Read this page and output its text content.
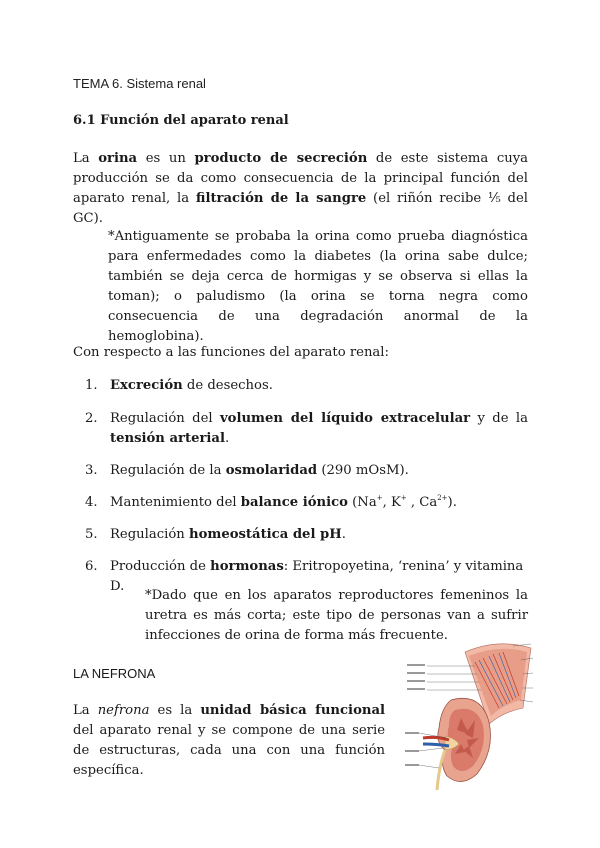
TEMA 6. Sistema renal
6.1 Función del aparato renal
La orina es un producto de secreción de este sistema cuya producción se da como consecuencia de la principal función del aparato renal, la filtración de la sangre (el riñón recibe ⅕ del GC).
*Antiguamente se probaba la orina como prueba diagnóstica para enfermedades como la diabetes (la orina sabe dulce; también se deja cerca de hormigas y se observa si ellas la toman); o paludismo (la orina se torna negra como consecuencia de una degradación anormal de la hemoglobina).
Con respecto a las funciones del aparato renal:
1. Excreción de desechos.
2. Regulación del volumen del líquido extracelular y de la tensión arterial.
3. Regulación de la osmolaridad (290 mOsM).
4. Mantenimiento del balance iónico (Na+, K+ , $Ca^{2+}$).
5. Regulación homeostática del pH.
6. Producción de hormonas: Eritropoyetina, ‘renina’ y vitamina D.
*Dado que en los aparatos reproductores femeninos la uretra es más corta; este tipo de personas van a sufrir infecciones de orina de forma más frecuente.
LA NEFRONA
La nefrona es la unidad básica funcional del aparato renal y se compone de una serie de estructuras, cada una con una función específica.
